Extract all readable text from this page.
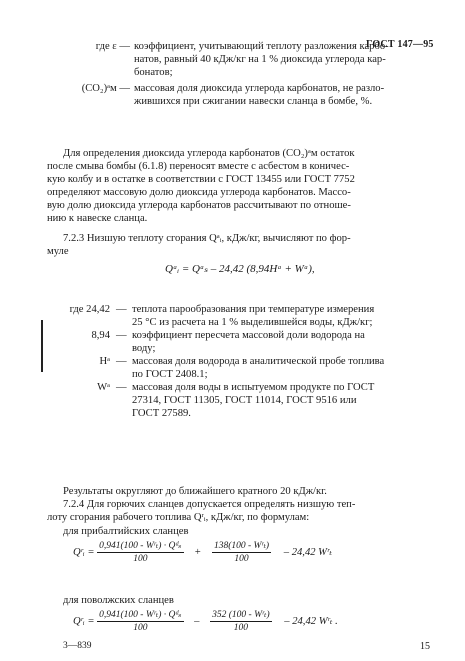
ГОСТ 147—95
где ε — коэффициент, учитывающий теплоту разложения карбо-
натов, равный 40 кДж/кг на 1 % диоксида углерода кар-
бонатов;
(CO₂)ᵃм — массовая доля диоксида углерода карбонатов, не разло-
жившихся при сжигании навески сланца в бомбе, %.
Для определения диоксида углерода карбонатов (CO₂)ᵃм остаток
после смыва бомбы (6.1.8) переносят вместе с асбестом в коничес-
кую колбу и в остатке в соответствии с ГОСТ 13455 или ГОСТ 7752
определяют массовую долю диоксида углерода карбонатов. Массо-
вую долю диоксида углерода карбонатов рассчитывают по отноше-
нию к навеске сланца.
7.2.3 Низшую теплоту сгорания Qᵃᵢ, кДж/кг, вычисляют по фор-
муле
Qᵃᵢ = Qᵃₛ – 24,42 (8,94Hᵃ + Wᵃ),
где 24,42 — теплота парообразования при температуре измерения
25 °С из расчета на 1 % выделившейся воды, кДж/кг;
8,94 — коэффициент пересчета массовой доли водорода на
воду;
Hᵃ — массовая доля водорода в аналитической пробе топлива
по ГОСТ 2408.1;
Wᵃ — массовая доля воды в испытуемом продукте по ГОСТ
27314, ГОСТ 11305, ГОСТ 11014, ГОСТ 9516 или
ГОСТ 27589.
Результаты округляют до ближайшего кратного 20 кДж/кг.
7.2.4 Для горючих сланцев допускается определять низшую теп-
лоту сгорания рабочего топлива Qʳᵢ, кДж/кг, по формулам:
для прибалтийских сланцев
Qʳᵢ = $\frac{\text{0,941(100 - Wʳₜ) · Qᵈₛ}}{100} + \frac{\text{138(100 - Wʳₜ)}}{100} - 24,42$ Wʳₜ
для поволжских сланцев
Qʳᵢ = $\frac{\text{0,941(100 - Wʳₜ) · Qᵈₛ}}{100} - \frac{\text{352 (100 - Wʳₜ)}}{100} - 24,42$ Wʳₜ .
3—839	15
